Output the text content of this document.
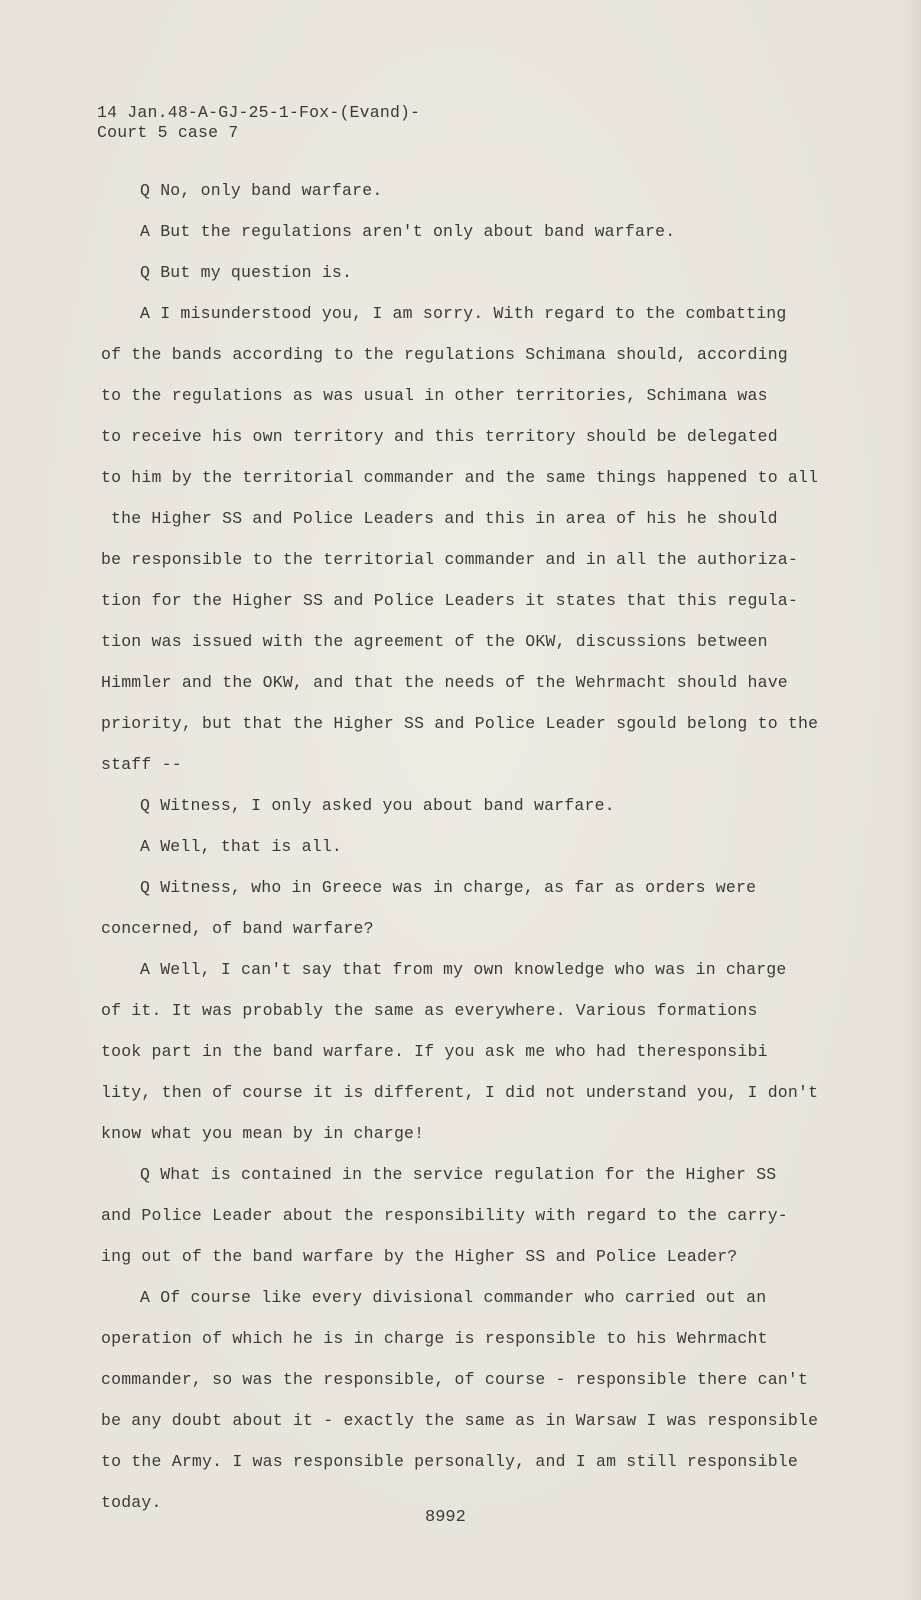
14 Jan.48-A-GJ-25-1-Fox-(Evand)-
Court 5 case 7
Q No, only band warfare.
A But the regulations aren't only about band warfare.
Q But my question is.
A I misunderstood you, I am sorry. With regard to the combatting
of the bands according to the regulations Schimana should, according
to the regulations as was usual in other territories, Schimana was
to receive his own territory and this territory should be delegated
to him by the territorial commander and the same things happened to all
the Higher SS and Police Leaders and this in area of his he should
be responsible to the territorial commander and in all the authoriza-
tion for the Higher SS and Police Leaders it states that this regula-
tion was issued with the agreement of the OKW, discussions between
Himmler and the OKW, and that the needs of the Wehrmacht should have
priority, but that the Higher SS and Police Leader sgould belong to the
staff --
Q Witness, I only asked you about band warfare.
A Well, that is all.
Q Witness, who in Greece was in charge, as far as orders were
concerned, of band warfare?
A Well, I can't say that from my own knowledge who was in charge
of it. It was probably the same as everywhere. Various formations
took part in the band warfare. If you ask me who had theresponsibi
lity, then of course it is different, I did not understand you, I don't
know what you mean by in charge!
Q What is contained in the service regulation for the Higher SS
and Police Leader about the responsibility with regard to the carry-
ing out of the band warfare by the Higher SS and Police Leader?
A Of course like every divisional commander who carried out an
operation of which he is in charge is responsible to his Wehrmacht
commander, so was the responsible, of course - responsible there can't
be any doubt about it - exactly the same as in Warsaw I was responsible
to the Army. I was responsible personally, and I am still responsible
today.
8992
